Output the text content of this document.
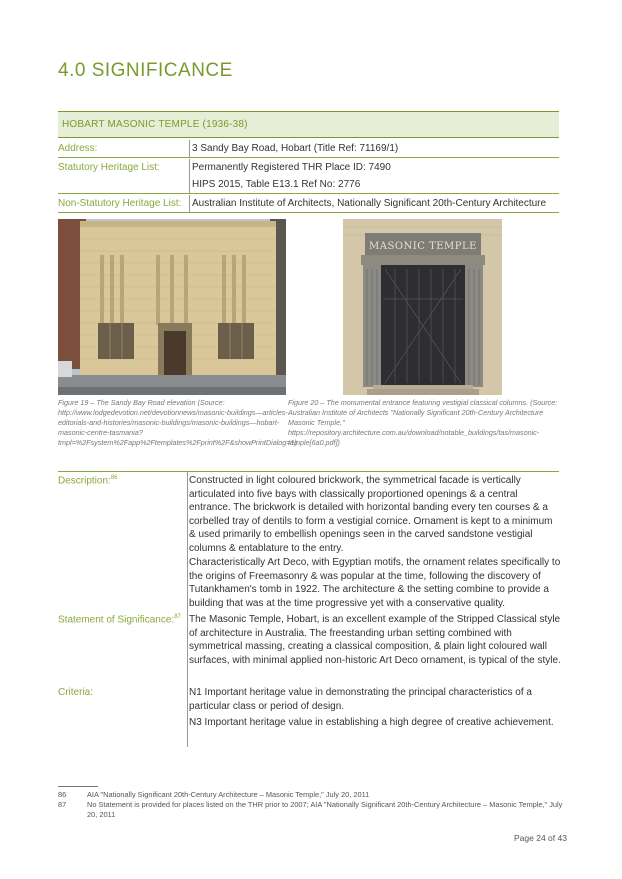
4.0 SIGNIFICANCE
HOBART MASONIC TEMPLE (1936-38)
Address:	3 Sandy Bay Road, Hobart (Title Ref: 71169/1)
Statutory Heritage List:	Permanently Registered THR Place ID: 7490
HIPS 2015, Table E13.1 Ref No: 2776
Non-Statutory Heritage List:	Australian Institute of Architects, Nationally Significant 20th-Century Architecture
MASONIC TEMPLE
Figure 19 – The Sandy Bay Road elevation (Source: http://www.lodgedevotion.net/devotionnews/masonic-buildings—articles-editorials-and-histories/masonic-buildings/masonic-buildings—hobart-masonic-centre-tasmania?tmpl=%2Fsystem%2Fapp%2Ftemplates%2Fprint%2F&showPrintDialog=1)
Figure 20 – The monumental entrance featuring vestigial classical columns. (Source: Australian Institute of Architects "Nationally Significant 20th-Century Architecture Masonic Temple," https://repository.architecture.com.au/download/notable_buildings/tas/masonic-temple[6a0.pdf])
Description:$^{86}$	Constructed in light coloured brickwork, the symmetrical facade is vertically articulated into five bays with classically proportioned openings & a central entrance. The brickwork is detailed with horizontal banding every ten courses & a corbelled tray of dentils to form a vestigial cornice. Ornament is kept to a minimum & used primarily to embellish openings seen in the carved sandstone vestigial columns & entablature to the entry.

Characteristically Art Deco, with Egyptian motifs, the ornament relates specifically to the origins of Freemasonry & was popular at the time, following the discovery of Tutankhamen's tomb in 1922. The architecture & the setting combine to provide a building that was at the time progressive yet with a conservative quality.

Statement of Significance:$^{87}$ The Masonic Temple, Hobart, is an excellent example of the Stripped Classical style of architecture in Australia. The freestanding urban setting combined with symmetrical massing, creating a classical composition, & plain light coloured wall surfaces, with minimal applied non-historic Art Deco ornament, is typical of the style.

Criteria:	N1 Important heritage value in demonstrating the principal characteristics of a particular class or period of design.

N3 Important heritage value in establishing a high degree of creative achievement.

86	AIA "Nationally Significant 20th-Century Architecture – Masonic Temple," July 20, 2011
87	No Statement is provided for places listed on the THR prior to 2007; AIA "Nationally Significant 20th-Century Architecture – Masonic Temple," July 20, 2011
Page 24 of 43
